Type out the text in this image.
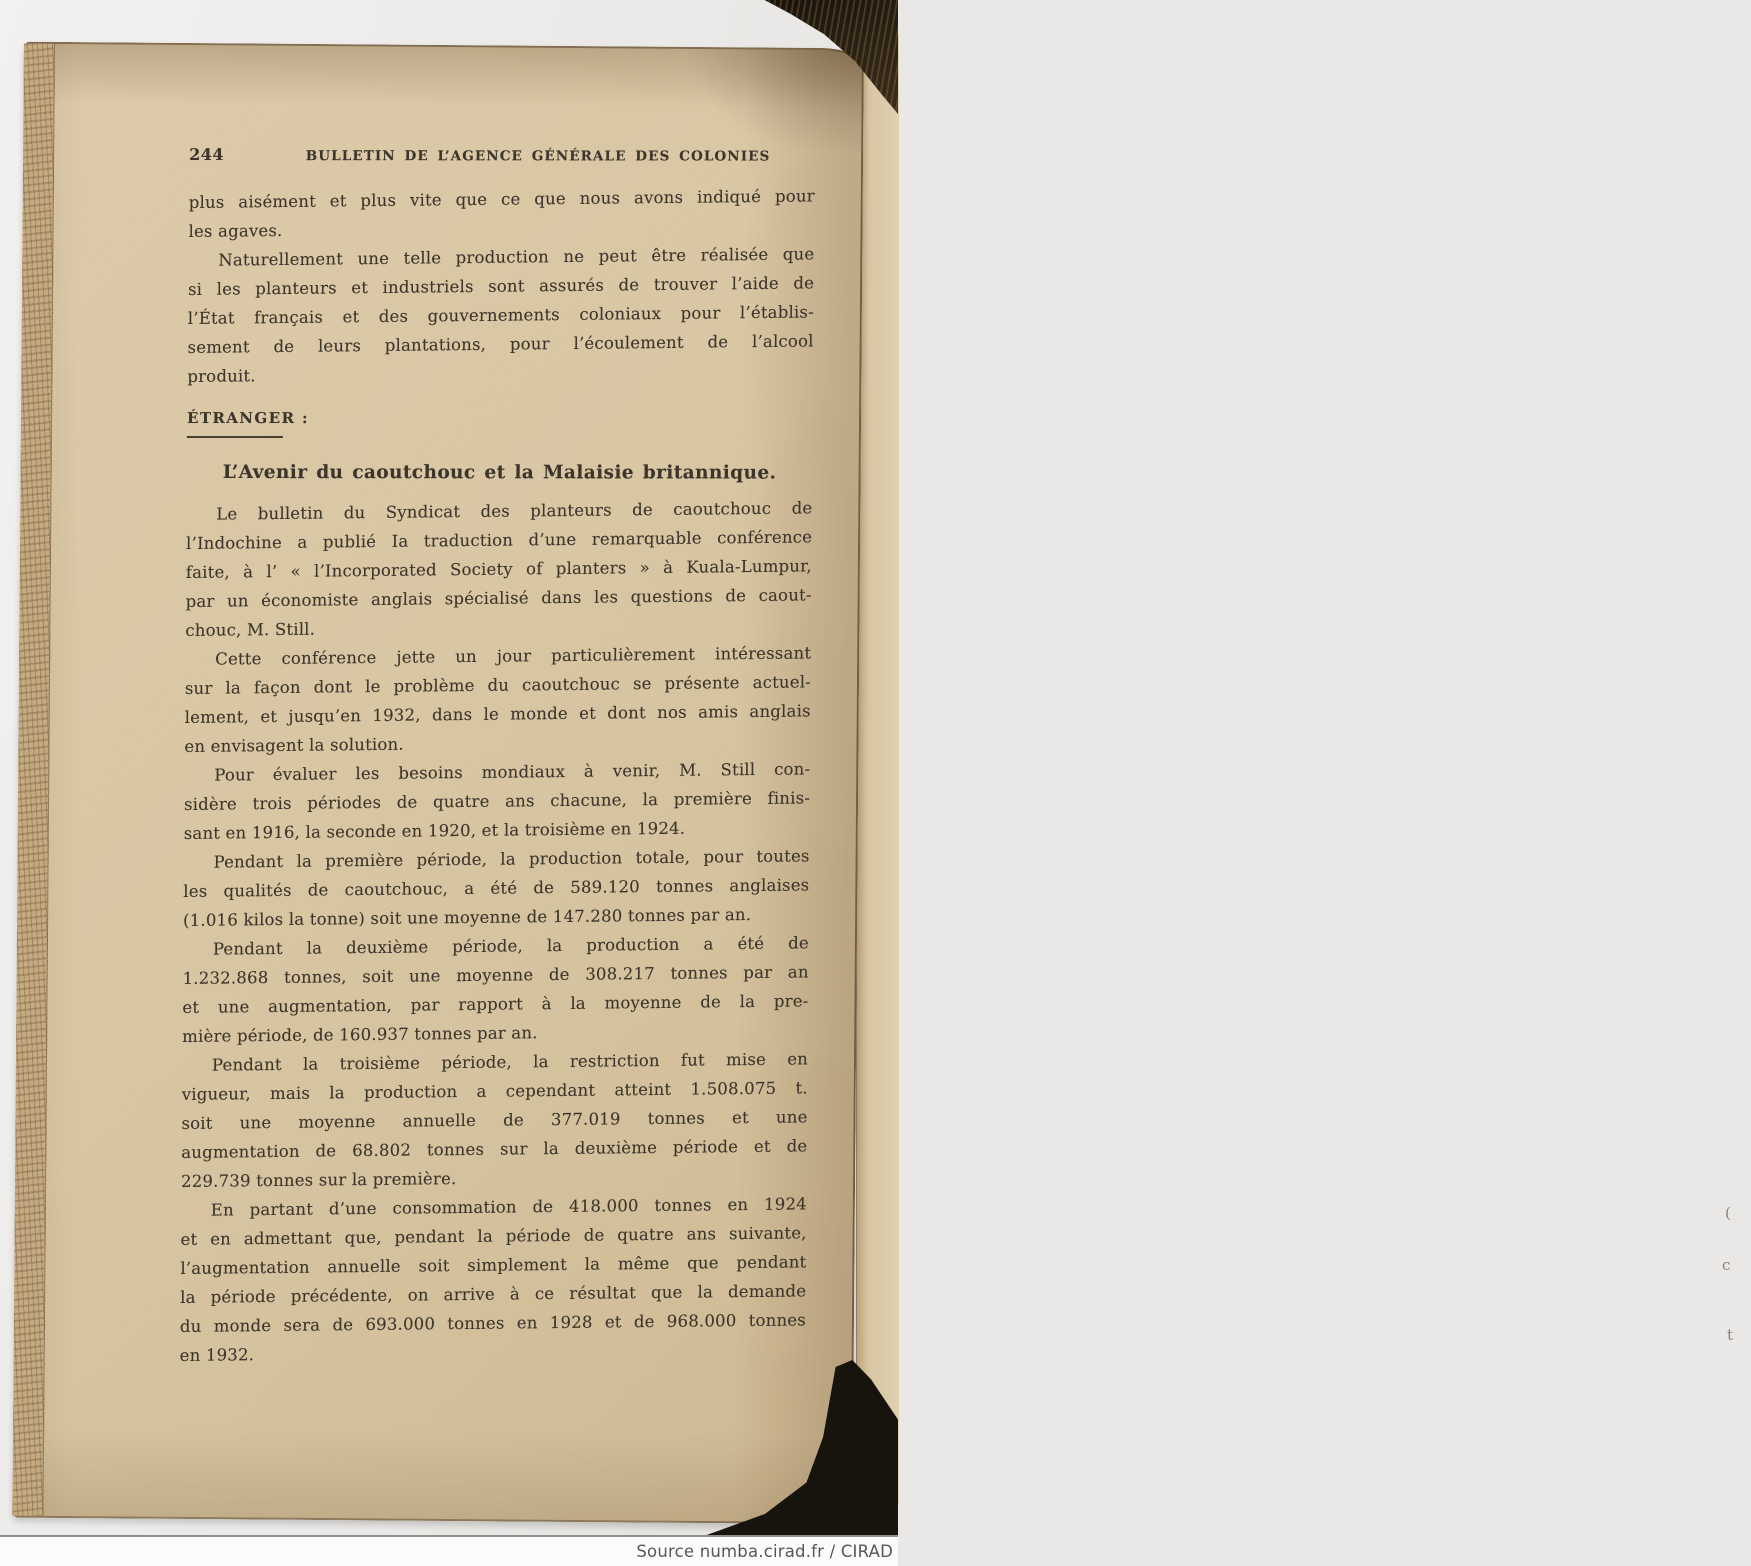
(
c
t
244	BULLETIN DE L’AGENCE GÉNÉRALE DES COLONIES
plus aisément et plus vite que ce que nous avons indiqué pour
les agaves.
Naturellement une telle production ne peut être réalisée que
si les planteurs et industriels sont assurés de trouver l’aide de
l’État français et des gouvernements coloniaux pour l’établis-
sement de leurs plantations, pour l’écoulement de l’alcool
produit.
ÉTRANGER :
L’Avenir du caoutchouc et la Malaisie britannique.
Le bulletin du Syndicat des planteurs de caoutchouc de
l’Indochine a publié Ia traduction d’une remarquable conférence
faite, à l’ « l’Incorporated Society of planters » à Kuala-Lumpur,
par un économiste anglais spécialisé dans les questions de caout-
chouc, M. Still.
Cette conférence jette un jour particulièrement intéressant
sur la façon dont le problème du caoutchouc se présente actuel-
lement, et jusqu’en 1932, dans le monde et dont nos amis anglais
en envisagent la solution.
Pour évaluer les besoins mondiaux à venir, M. Still con-
sidère trois périodes de quatre ans chacune, la première finis-
sant en 1916, la seconde en 1920, et la troisième en 1924.
Pendant la première période, la production totale, pour toutes
les qualités de caoutchouc, a été de 589.120 tonnes anglaises
(1.016 kilos la tonne) soit une moyenne de 147.280 tonnes par an.
Pendant la deuxième période, la production a été de
1.232.868 tonnes, soit une moyenne de 308.217 tonnes par an
et une augmentation, par rapport à la moyenne de la pre-
mière période, de 160.937 tonnes par an.
Pendant la troisième période, la restriction fut mise en
vigueur, mais la production a cependant atteint 1.508.075 t.
soit une moyenne annuelle de 377.019 tonnes et une
augmentation de 68.802 tonnes sur la deuxième période et de
229.739 tonnes sur la première.
En partant d’une consommation de 418.000 tonnes en 1924
et en admettant que, pendant la période de quatre ans suivante,
l’augmentation annuelle soit simplement la même que pendant
la période précédente, on arrive à ce résultat que la demande
du monde sera de 693.000 tonnes en 1928 et de 968.000 tonnes
en 1932.
Source numba.cirad.fr / CIRAD
